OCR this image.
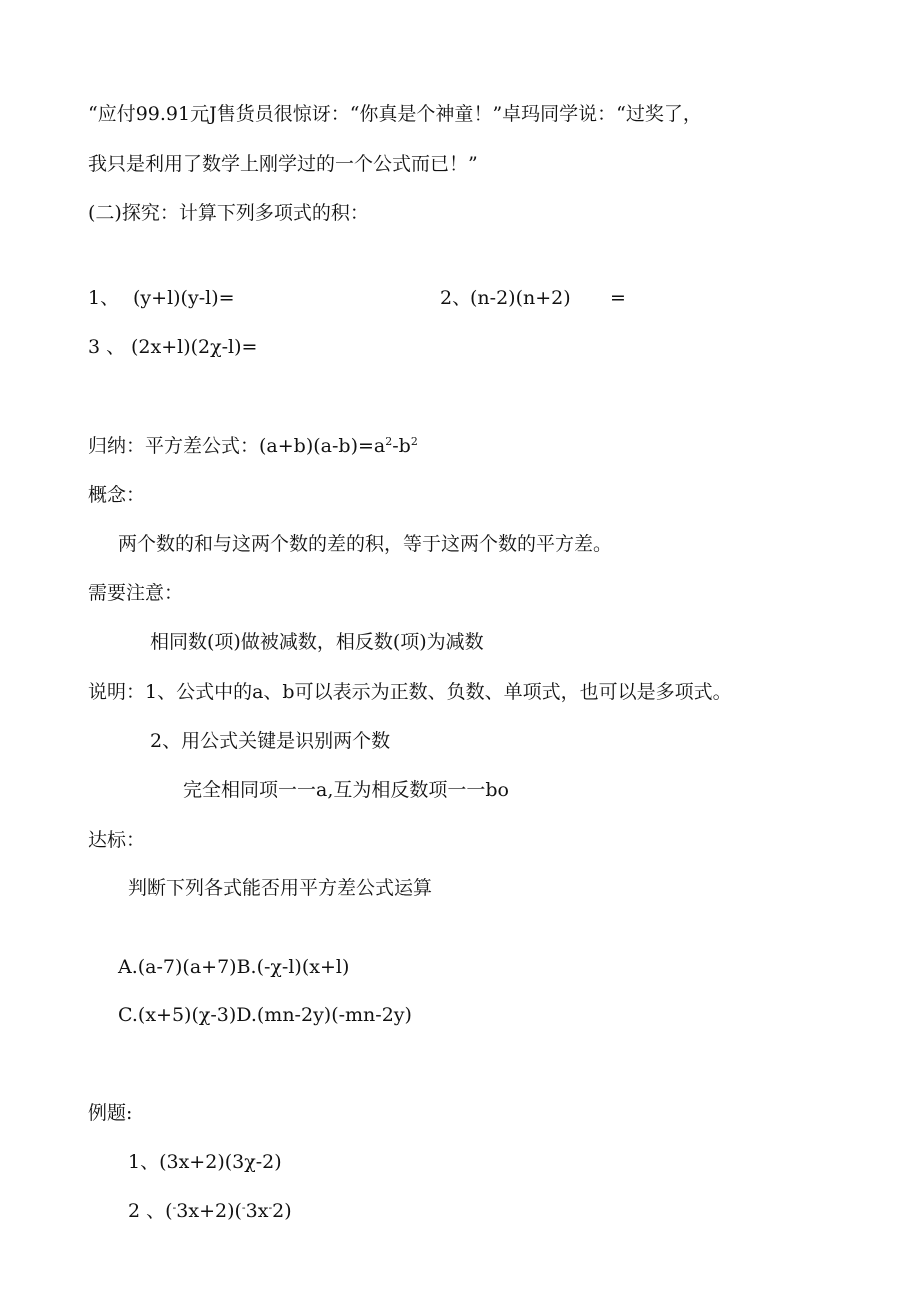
“应付99.91元J售货员很惊讶：“你真是个神童！”卓玛同学说：“过奖了，
我只是利用了数学上刚学过的一个公式而已！”
(二)探究：计算下列多项式的积：
1、 (y+l)(y-l)=	2、
(n-2)(n+2) =
3 、 (2x+l)(2χ-l)=
归纳：平方差公式：$(a+b)(a-b)=a^2-b^2$
概念：
两个数的和与这两个数的差的积，等于这两个数的平方差。
需要注意：
相同数(项)做被减数，相反数(项)为减数
说明：1、公式中的a、b可以表示为正数、负数、单项式，也可以是多项式。
2、用公式关键是识别两个数
完全相同项一一a,互为相反数项一一bo
达标：
判断下列各式能否用平方差公式运算
A.(a-7)(a+7)B.(-χ-l)(x+l)
C.(x+5)(χ-3)D.(mn-2y)(-mn-2y)
例题:
1、(3x+2)(3χ-2)
2 、(-3x+2)(-3x-2)
